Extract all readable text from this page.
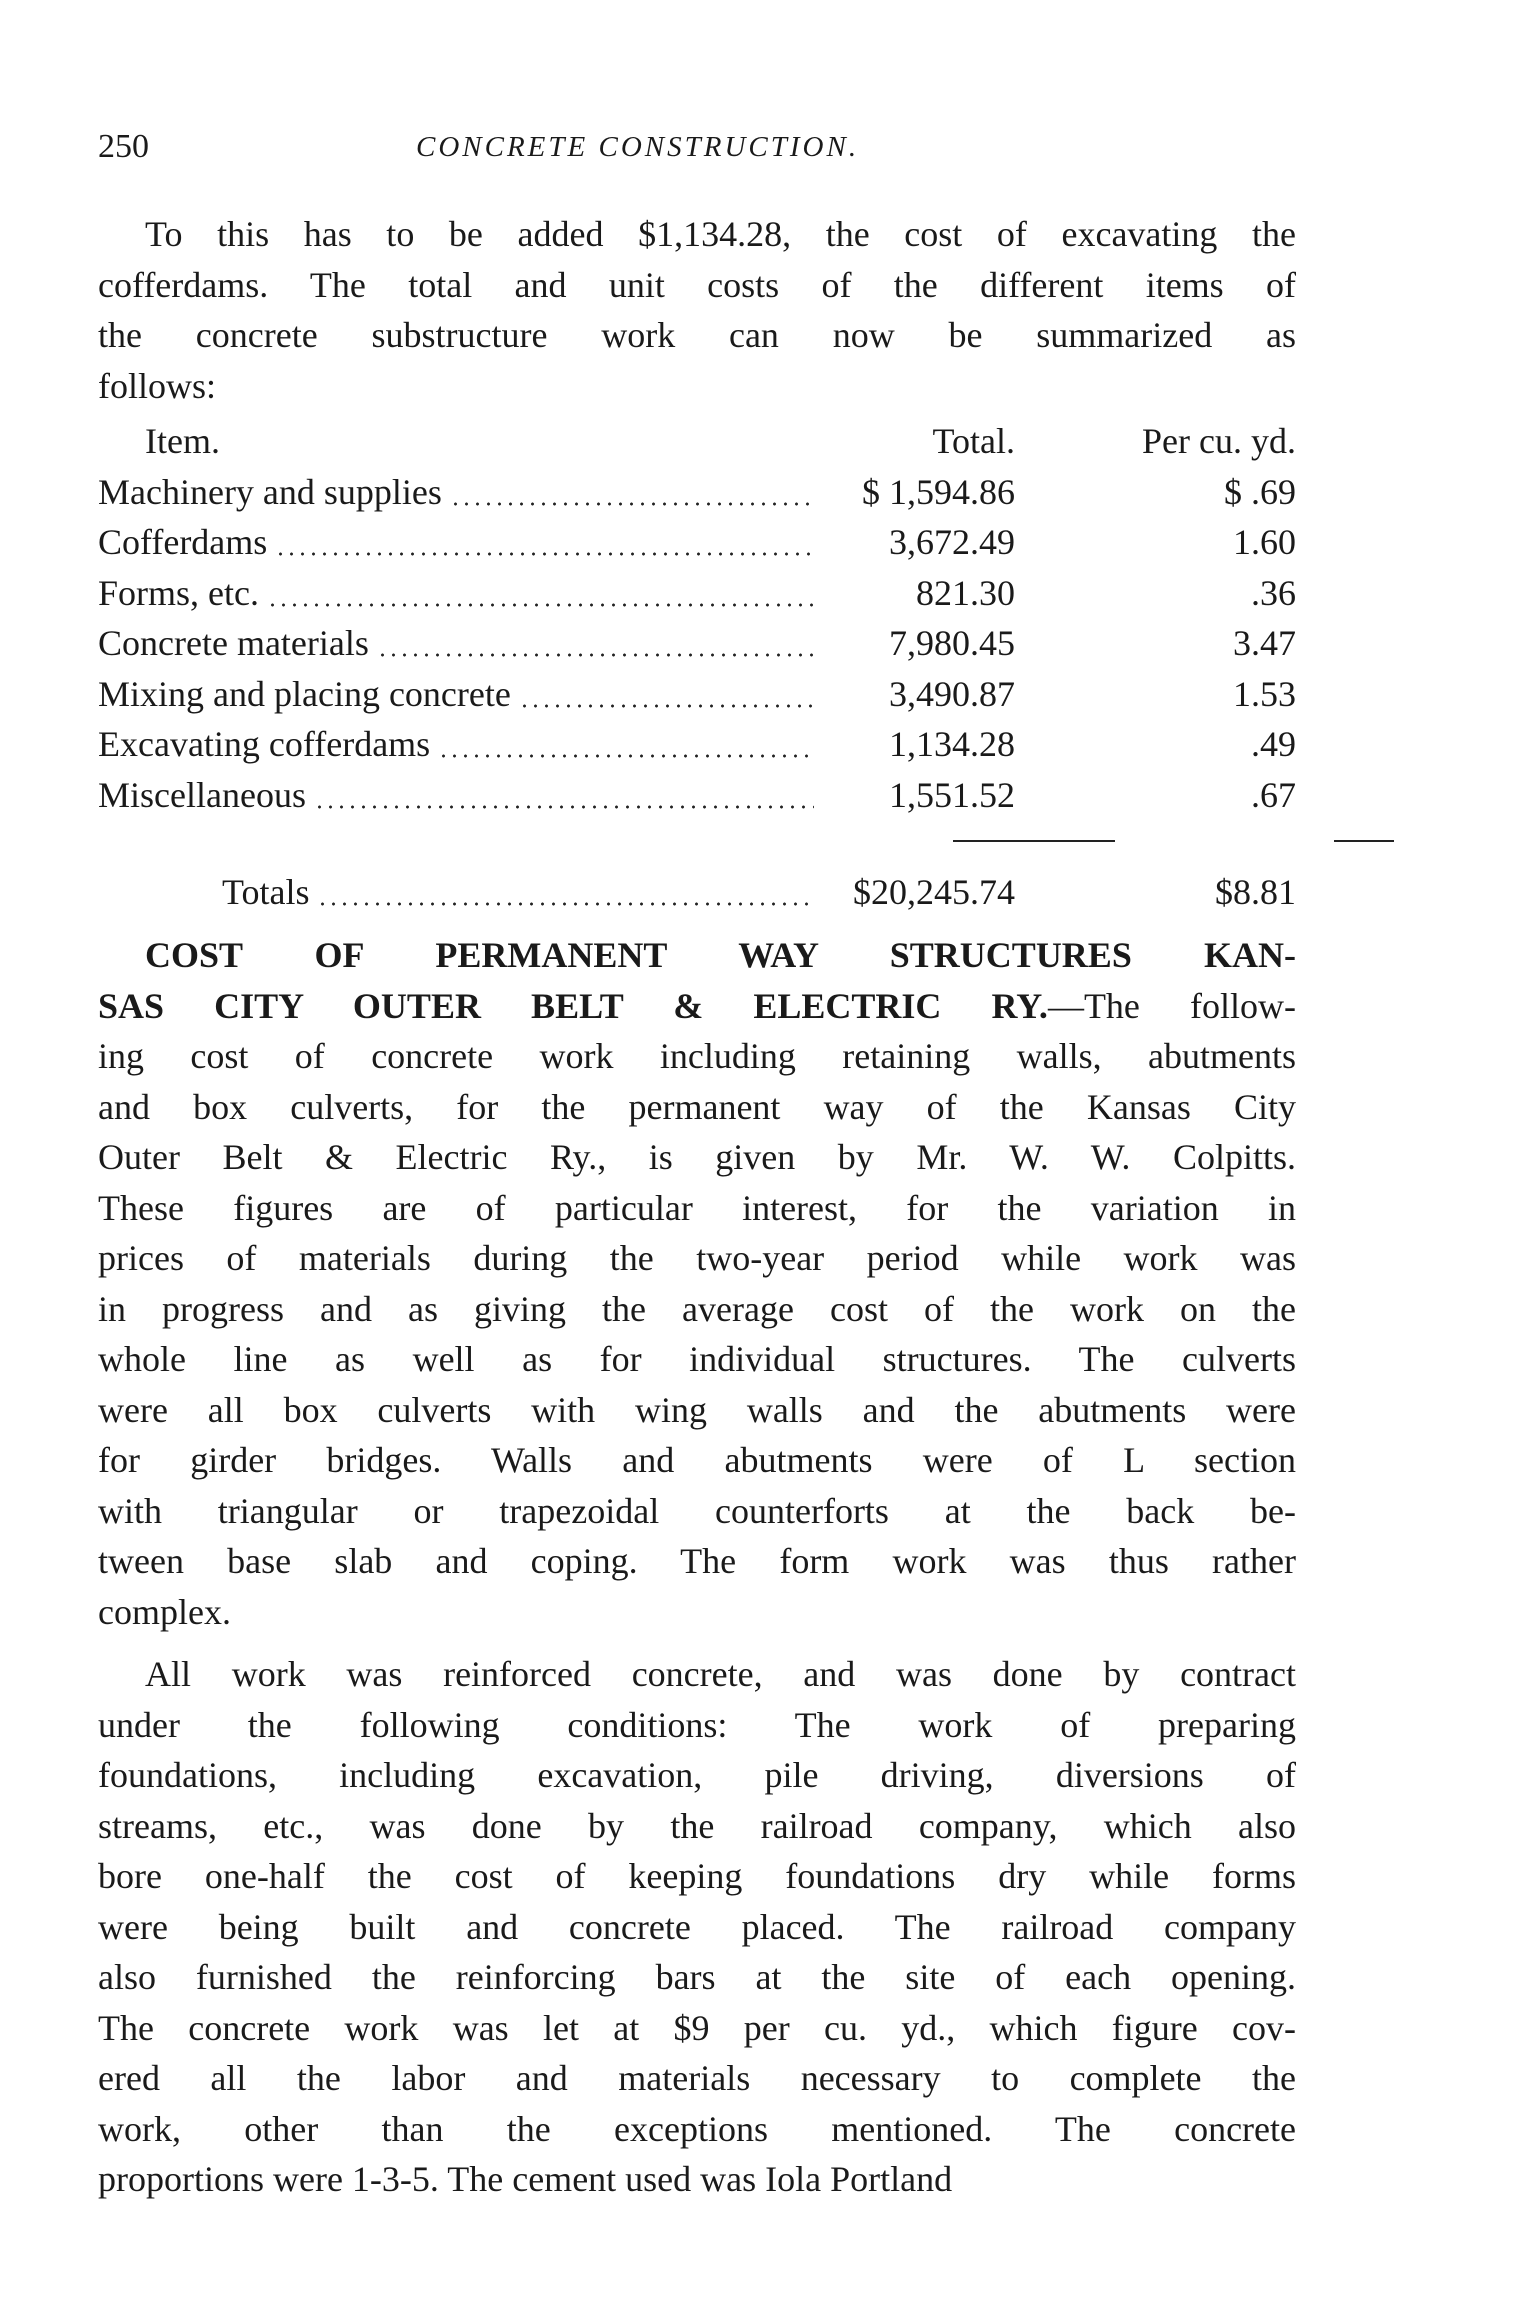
250	CONCRETE CONSTRUCTION.
To this has to be added $1,134.28, the cost of excavating the
cofferdams. The total and unit costs of the different items of
the concrete substructure work can now be summarized as
follows:
Item.	Total.	Per cu. yd.
Machinery and supplies	$ 1,594.86	$ .69
Cofferdams	3,672.49	1.60
Forms, etc.	821.30	.36
Concrete materials	7,980.45	3.47
Mixing and placing concrete	3,490.87	1.53
Excavating cofferdams	1,134.28	.49
Miscellaneous	1,551.52	.67
Totals	$20,245.74	$8.81
COST OF PERMANENT WAY STRUCTURES KAN-
SAS CITY OUTER BELT & ELECTRIC RY.—The follow-
ing cost of concrete work including retaining walls, abutments
and box culverts, for the permanent way of the Kansas City
Outer Belt & Electric Ry., is given by Mr. W. W. Colpitts.
These figures are of particular interest, for the variation in
prices of materials during the two-year period while work was
in progress and as giving the average cost of the work on the
whole line as well as for individual structures. The culverts
were all box culverts with wing walls and the abutments were
for girder bridges. Walls and abutments were of L section
with triangular or trapezoidal counterforts at the back be-
tween base slab and coping. The form work was thus rather
complex.
All work was reinforced concrete, and was done by contract
under the following conditions: The work of preparing
foundations, including excavation, pile driving, diversions of
streams, etc., was done by the railroad company, which also
bore one-half the cost of keeping foundations dry while forms
were being built and concrete placed. The railroad company
also furnished the reinforcing bars at the site of each opening.
The concrete work was let at $9 per cu. yd., which figure cov-
ered all the labor and materials necessary to complete the
work, other than the exceptions mentioned. The concrete
proportions were 1-3-5. The cement used was Iola Portland
